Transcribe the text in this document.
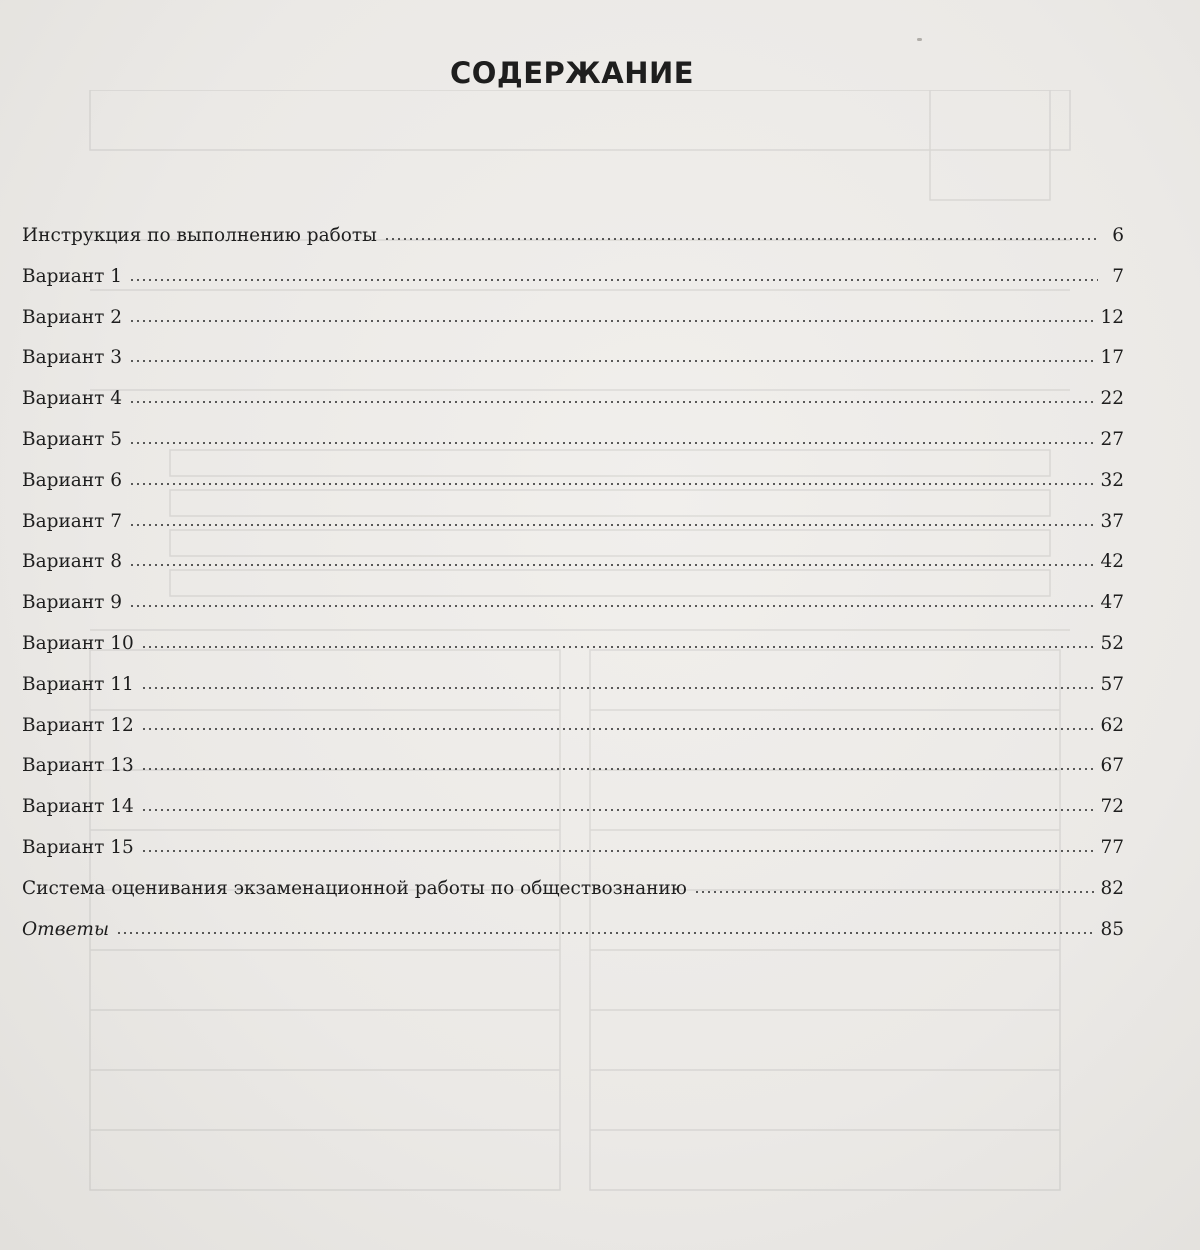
СОДЕРЖАНИЕ
Инструкция по выполнению работы	6
Вариант 1	7
Вариант 2	12
Вариант 3	17
Вариант 4	22
Вариант 5	27
Вариант 6	32
Вариант 7	37
Вариант 8	42
Вариант 9	47
Вариант 10	52
Вариант 11	57
Вариант 12	62
Вариант 13	67
Вариант 14	72
Вариант 15	77
Система оценивания экзаменационной работы по обществознанию	82
Ответы	85
